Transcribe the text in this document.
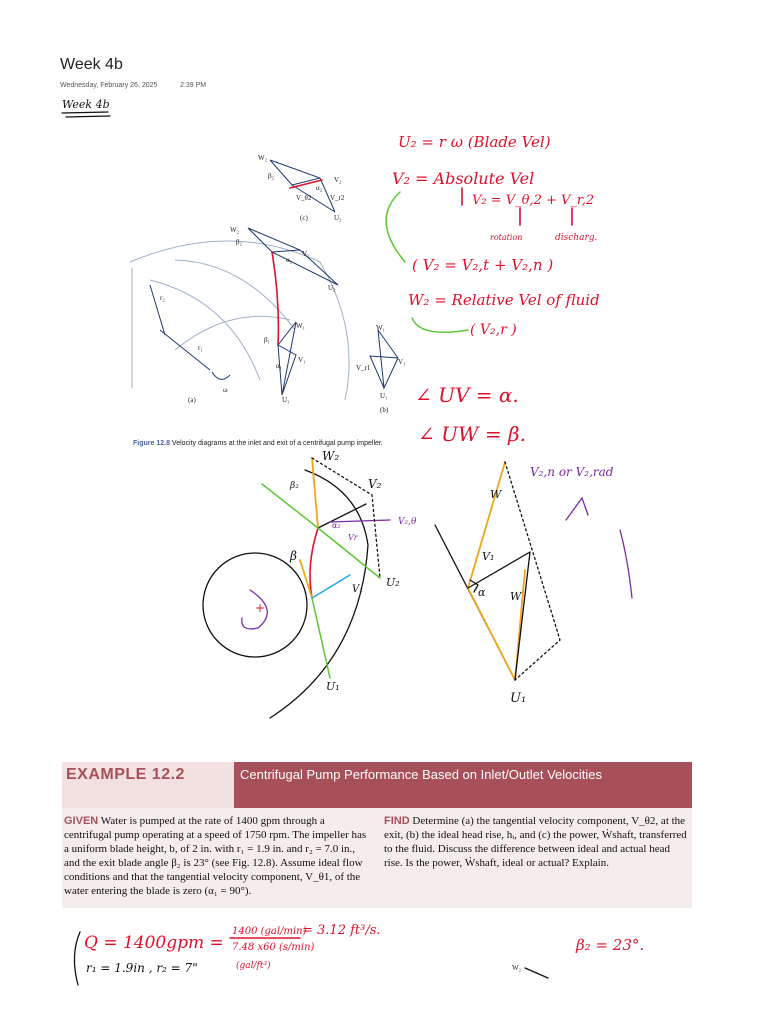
Week 4b
Wednesday, February 26, 2025	2:39 PM
Week 4b
ω
r₂
r₁
(a)
W₂
β₂
V₂
α₂
U₂
W₁
V₁
β₁
α₁
U₁
W₂
β₂	V₂
α₂
V_θ2	V_r2
U₂
(c)
W₁
V₁
V_r1
U₁
(b)
U₂ = r ω (Blade Vel)
V₂ = Absolute Vel
V₂ = V_θ,2 + V_r,2
rotation	discharg.
( V₂ = V₂,t + V₂,n )
W₂ = Relative Vel of fluid
( V₂,r )
∠ UV = α.
∠ UW = β.
+
W₂
V₂
β₂
V₂,θ
α₂
Vr
U₂
U₁
V₁
β
W
V₁
α W
U₁
V₂,n or V₂,rad
Q = 1400gpm =
1400 (gal/min)
7.48 x60 (s/min)
(gal/ft³)
= 3.12 ft³/s.
r₁ = 1.9in , r₂ = 7"
β₂ = 23°.
W₂
Figure 12.8 Velocity diagrams at the inlet and exit of a centrifugal pump impeller.
EXAMPLE 12.2	Centrifugal Pump Performance Based on Inlet/Outlet Velocities
GIVEN Water is pumped at the rate of 1400 gpm through a centrifugal pump operating at a speed of 1750 rpm. The impeller has a uniform blade height, b, of 2 in. with r₁ = 1.9 in. and r₂ = 7.0 in., and the exit blade angle β₂ is 23° (see Fig. 12.8). Assume ideal flow conditions and that the tangential velocity component, V_θ1, of the water entering the blade is zero (α₁ = 90°).
FIND Determine (a) the tangential velocity component, V_θ2, at the exit, (b) the ideal head rise, hᵢ, and (c) the power, Ẇshaft, transferred to the fluid. Discuss the difference between ideal and actual head rise. Is the power, Ẇshaft, ideal or actual? Explain.
